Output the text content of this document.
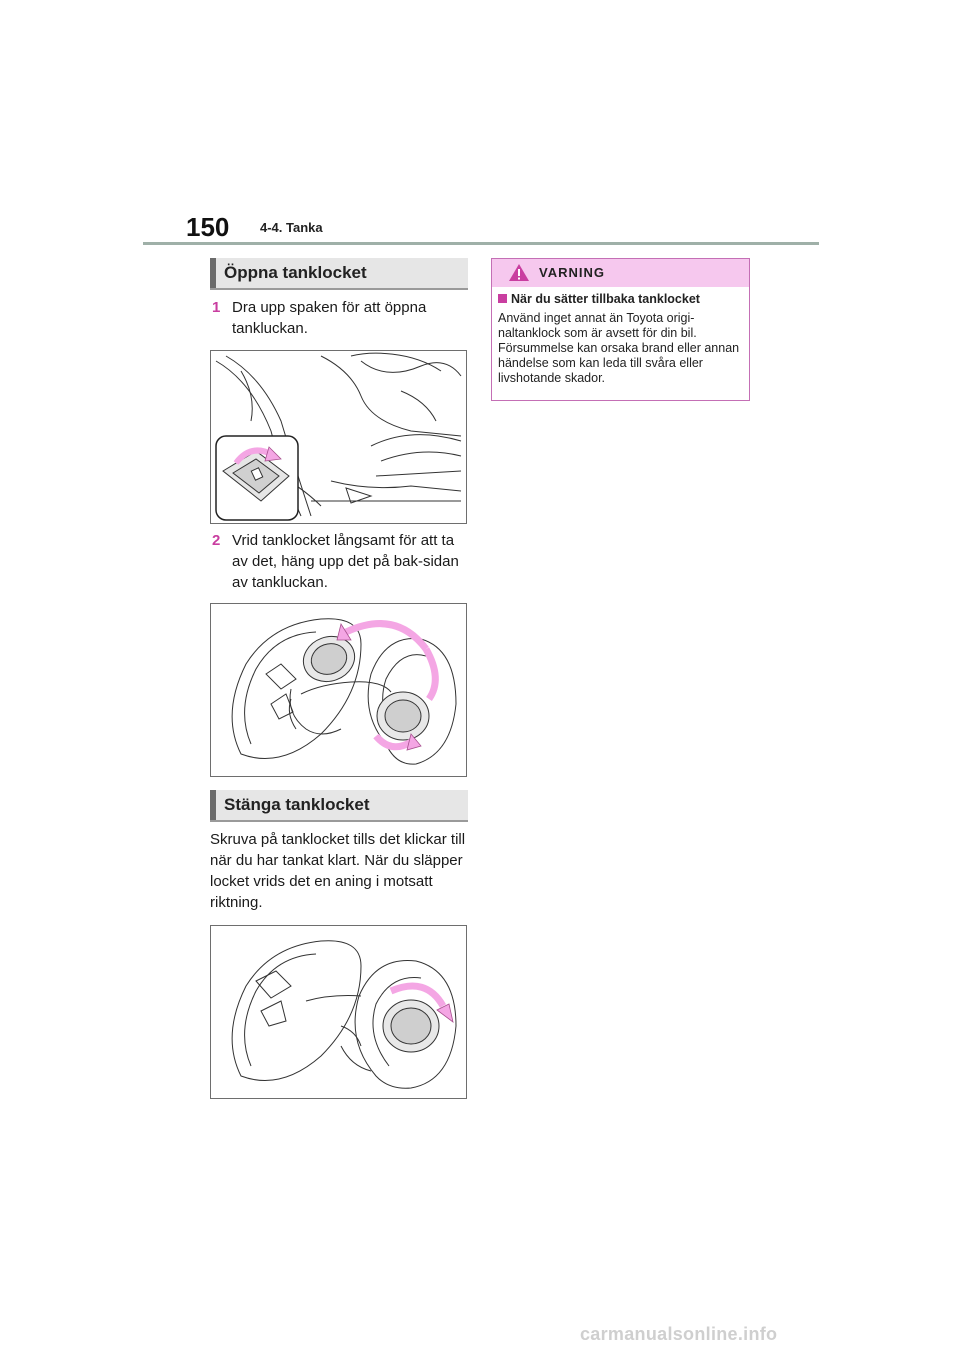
150 4-4. Tanka
Öppna tanklocket
1 Dra upp spaken för att öppna tankluckan.
2 Vrid tanklocket långsamt för att ta av det, häng upp det på bak-sidan av tankluckan.
Stänga tanklocket
Skruva på tanklocket tills det klickar till när du har tankat klart. När du släpper locket vrids det en aning i motsatt riktning.
VARNING
När du sätter tillbaka tanklocket
Använd inget annat än Toyota origi-naltanklock som är avsett för din bil. Försummelse kan orsaka brand eller annan händelse som kan leda till svåra eller livshotande skador.
carmanualsonline.info
